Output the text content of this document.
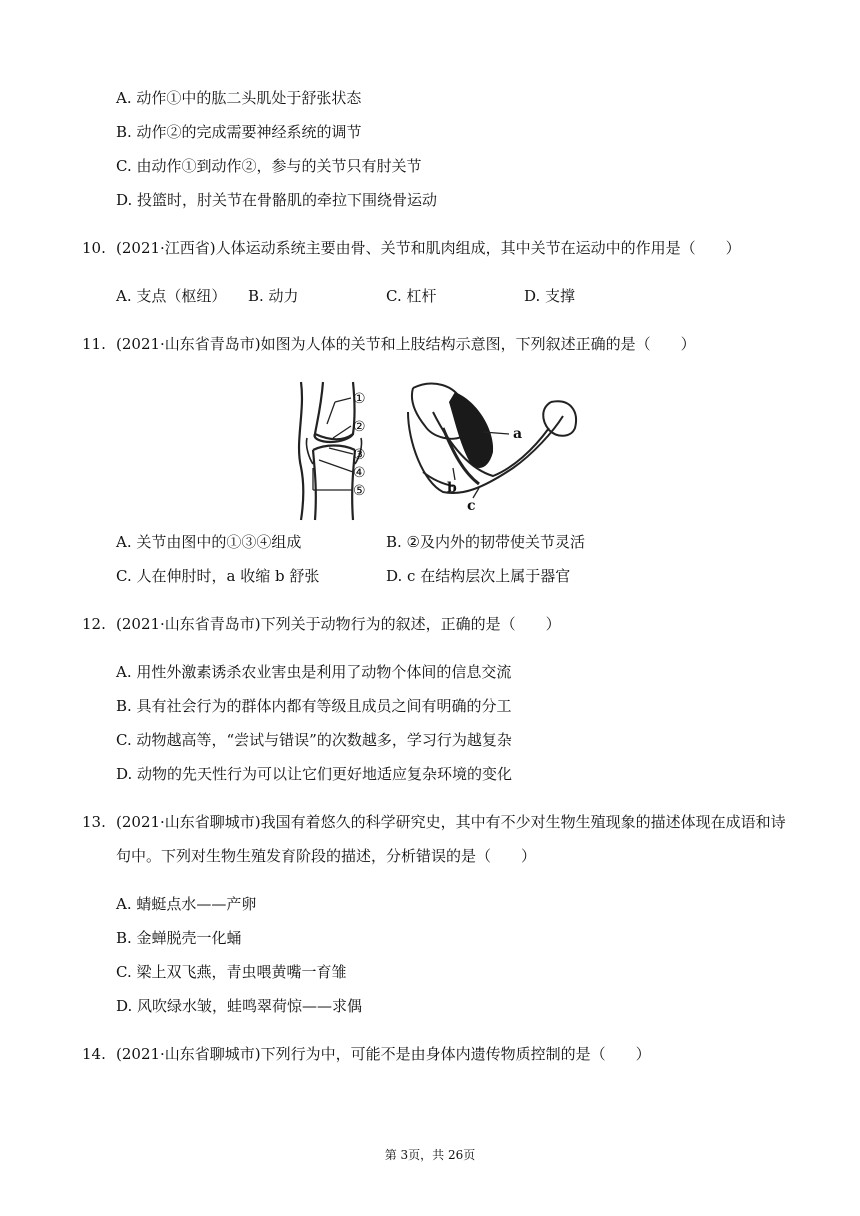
A. 动作①中的肱二头肌处于舒张状态
B. 动作②的完成需要神经系统的调节
C. 由动作①到动作②，参与的关节只有肘关节
D. 投篮时，肘关节在骨骼肌的牵拉下围绕骨运动
10. (2021·江西省)人体运动系统主要由骨、关节和肌肉组成，其中关节在运动中的作用是（　　）
A. 支点（枢纽） B. 动力	C. 杠杆	D. 支撑
11. (2021·山东省青岛市)如图为人体的关节和上肢结构示意图，下列叙述正确的是（　　）
①
②
③
④
⑤
a
b
c
A. 关节由图中的①③④组成	B. ②及内外的韧带使关节灵活
C. 人在伸肘时，a 收缩 b 舒张	D. c 在结构层次上属于器官
12. (2021·山东省青岛市)下列关于动物行为的叙述，正确的是（　　）
A. 用性外激素诱杀农业害虫是利用了动物个体间的信息交流
B. 具有社会行为的群体内都有等级且成员之间有明确的分工
C. 动物越高等，“尝试与错误”的次数越多，学习行为越复杂
D. 动物的先天性行为可以让它们更好地适应复杂环境的变化
13. (2021·山东省聊城市)我国有着悠久的科学研究史，其中有不少对生物生殖现象的描述体现在成语和诗
句中。下列对生物生殖发育阶段的描述，分析错误的是（　　）
A. 蜻蜓点水——产卵
B. 金蝉脱壳一化蛹
C. 梁上双飞燕，青虫喂黄嘴一育雏
D. 风吹绿水皱，蛙鸣翠荷惊——求偶
14. (2021·山东省聊城市)下列行为中，可能不是由身体内遗传物质控制的是（　　）
第 3页，共 26页
